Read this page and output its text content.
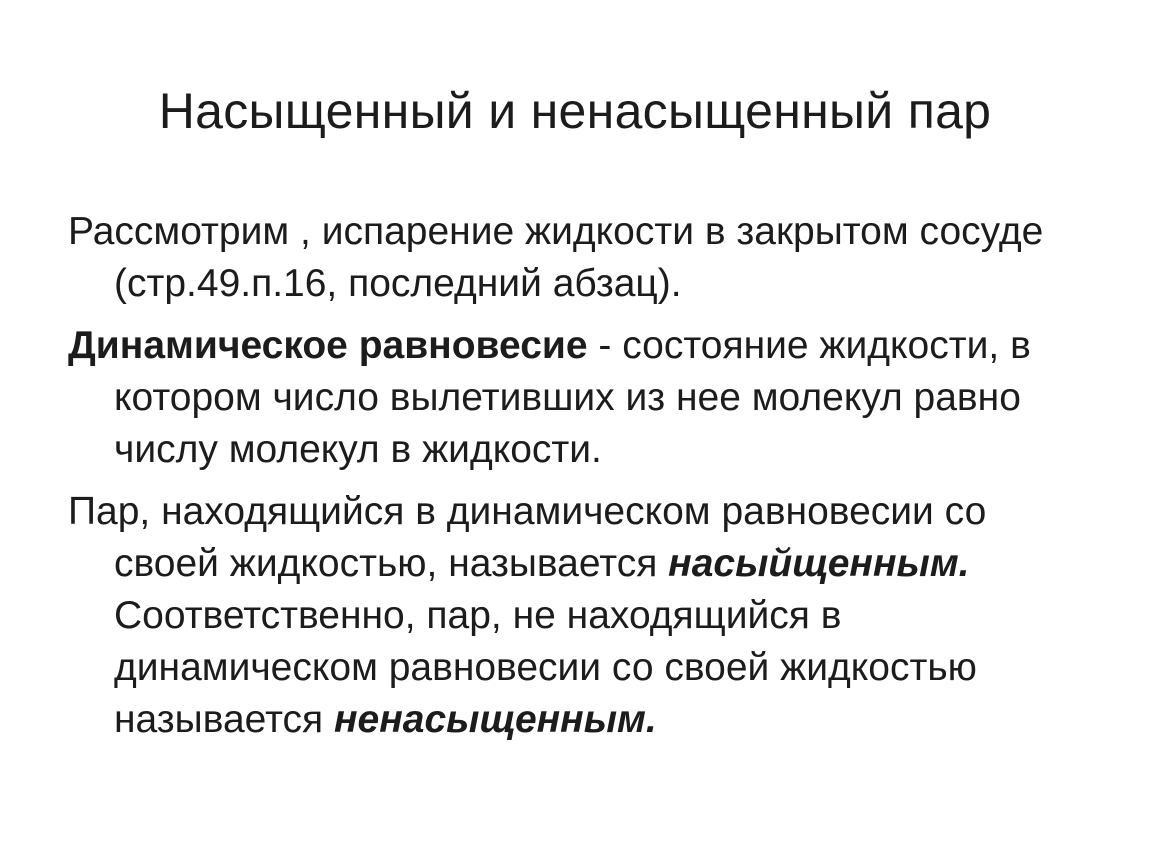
Насыщенный и ненасыщенный пар

Рассмотрим , испарение жидкости в закрытом сосуде (стр.49.п.16, последний абзац).

Динамическое равновесие - состояние жидкости, в котором число вылетивших из нее молекул равно числу молекул в жидкости.

Пар, находящийся в динамическом равновесии со своей жидкостью, называется насыйщенным. Соответственно, пар, не находящийся в динамическом равновесии со своей жидкостью называется ненасыщенным.
